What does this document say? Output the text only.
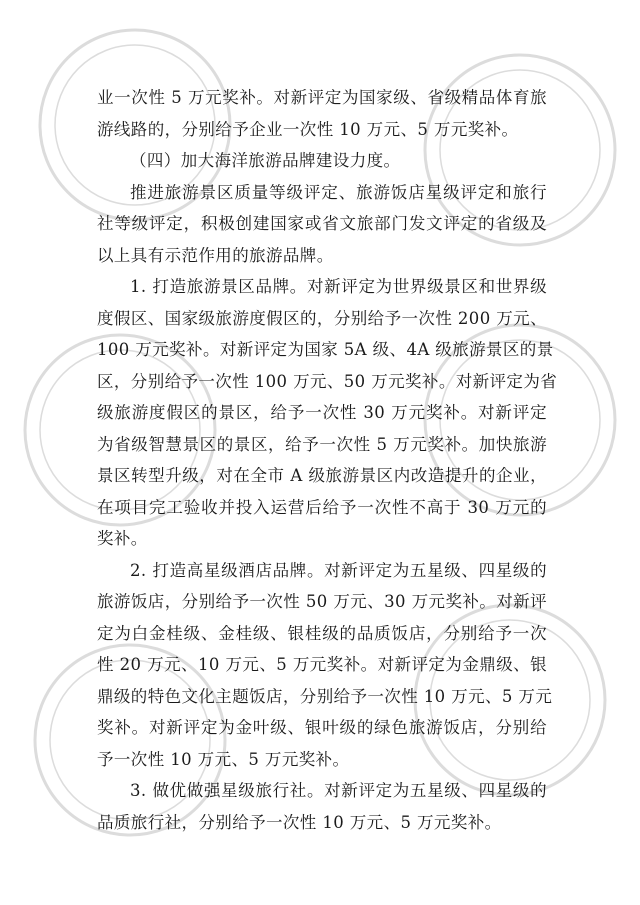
业一次性 5 万元奖补。对新评定为国家级、省级精品体育旅
游线路的，分别给予企业一次性 10 万元、5 万元奖补。
（四）加大海洋旅游品牌建设力度。
推进旅游景区质量等级评定、旅游饭店星级评定和旅行
社等级评定，积极创建国家或省文旅部门发文评定的省级及
以上具有示范作用的旅游品牌。
1. 打造旅游景区品牌。对新评定为世界级景区和世界级
度假区、国家级旅游度假区的，分别给予一次性 200 万元、
100 万元奖补。对新评定为国家 5A 级、4A 级旅游景区的景
区，分别给予一次性 100 万元、50 万元奖补。对新评定为省
级旅游度假区的景区，给予一次性 30 万元奖补。对新评定
为省级智慧景区的景区，给予一次性 5 万元奖补。加快旅游
景区转型升级，对在全市 A 级旅游景区内改造提升的企业，
在项目完工验收并投入运营后给予一次性不高于 30 万元的
奖补。
2. 打造高星级酒店品牌。对新评定为五星级、四星级的
旅游饭店，分别给予一次性 50 万元、30 万元奖补。对新评
定为白金桂级、金桂级、银桂级的品质饭店，分别给予一次
性 20 万元、10 万元、5 万元奖补。对新评定为金鼎级、银
鼎级的特色文化主题饭店，分别给予一次性 10 万元、5 万元
奖补。对新评定为金叶级、银叶级的绿色旅游饭店，分别给
予一次性 10 万元、5 万元奖补。
3. 做优做强星级旅行社。对新评定为五星级、四星级的
品质旅行社，分别给予一次性 10 万元、5 万元奖补。
